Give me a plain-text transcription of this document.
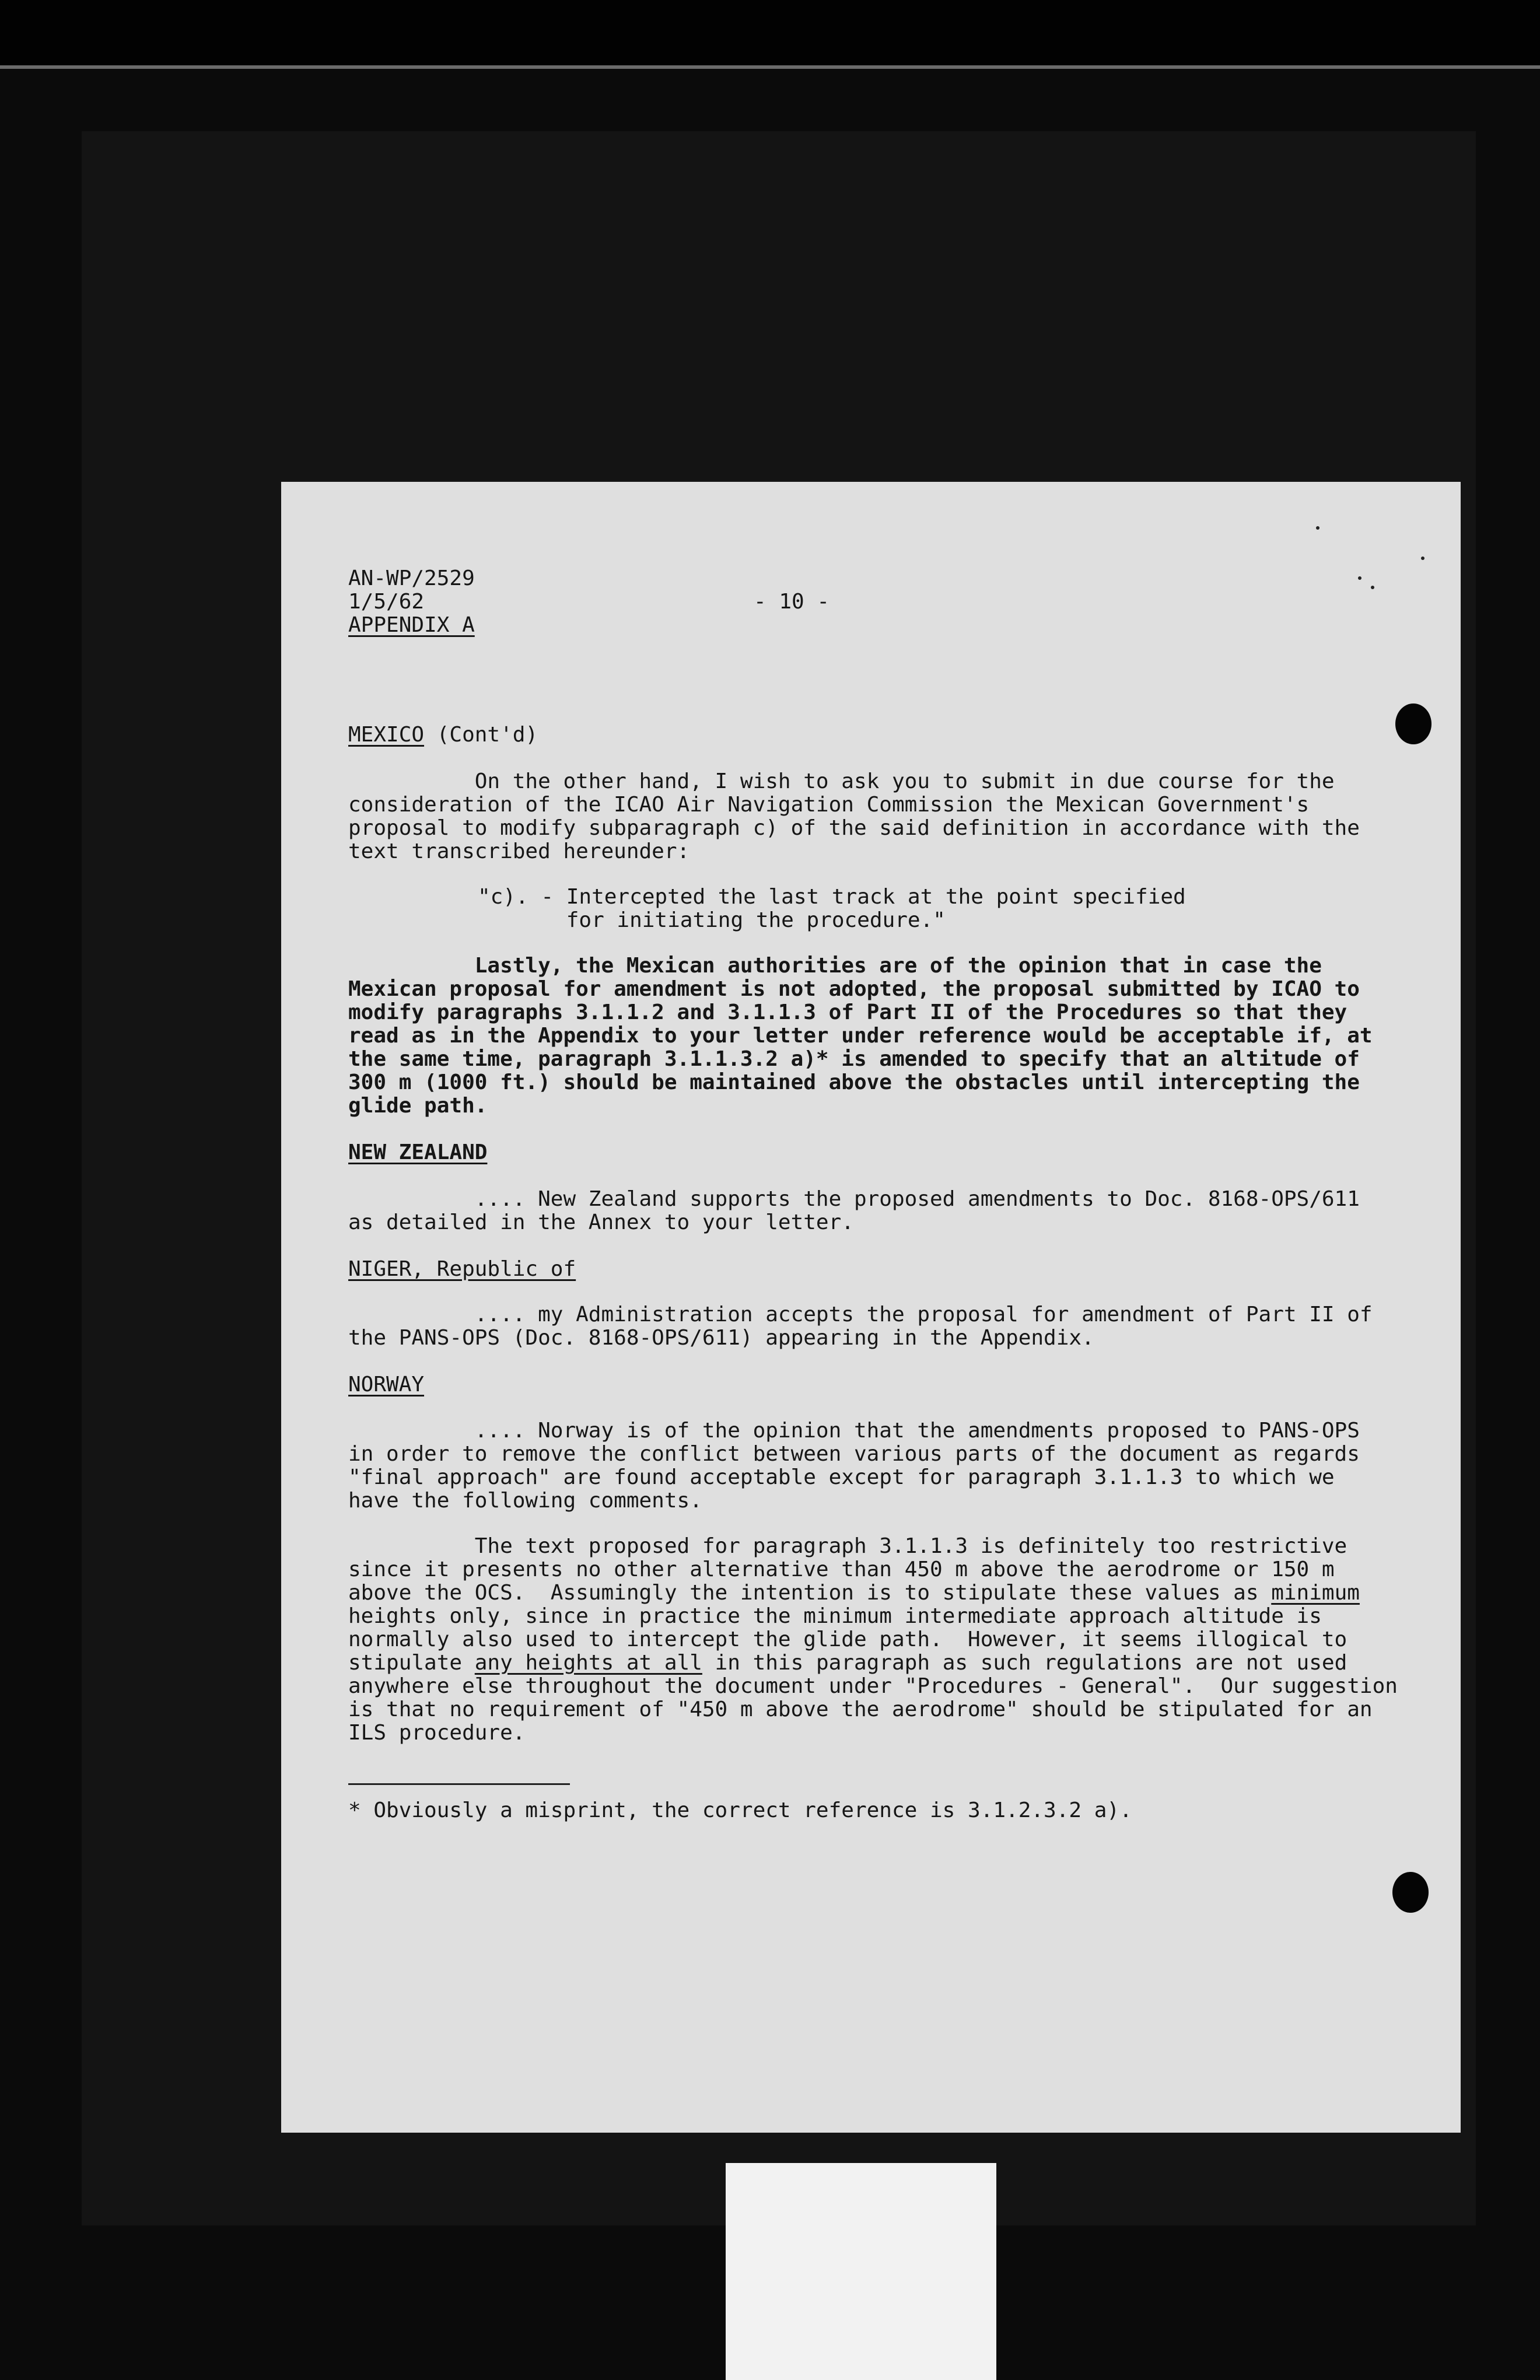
AN-WP/2529
1/5/62
APPENDIX A
- 10 -
MEXICO (Cont'd)
On the other hand, I wish to ask you to submit in due course for the
consideration of the ICAO Air Navigation Commission the Mexican Government's
proposal to modify subparagraph c) of the said definition in accordance with the
text transcribed hereunder:
"c). - Intercepted the last track at the point specified
for initiating the procedure."
Lastly, the Mexican authorities are of the opinion that in case the
Mexican proposal for amendment is not adopted, the proposal submitted by ICAO to
modify paragraphs 3.1.1.2 and 3.1.1.3 of Part II of the Procedures so that they
read as in the Appendix to your letter under reference would be acceptable if, at
the same time, paragraph 3.1.1.3.2 a)* is amended to specify that an altitude of
300 m (1000 ft.) should be maintained above the obstacles until intercepting the
glide path.
NEW ZEALAND
.... New Zealand supports the proposed amendments to Doc. 8168-OPS/611
as detailed in the Annex to your letter.
NIGER, Republic of
.... my Administration accepts the proposal for amendment of Part II of
the PANS-OPS (Doc. 8168-OPS/611) appearing in the Appendix.
NORWAY
.... Norway is of the opinion that the amendments proposed to PANS-OPS
in order to remove the conflict between various parts of the document as regards
"final approach" are found acceptable except for paragraph 3.1.1.3 to which we
have the following comments.
The text proposed for paragraph 3.1.1.3 is definitely too restrictive
since it presents no other alternative than 450 m above the aerodrome or 150 m
above the OCS.  Assumingly the intention is to stipulate these values as minimum
heights only, since in practice the minimum intermediate approach altitude is
normally also used to intercept the glide path.  However, it seems illogical to
stipulate any heights at all in this paragraph as such regulations are not used
anywhere else throughout the document under "Procedures - General".  Our suggestion
is that no requirement of "450 m above the aerodrome" should be stipulated for an
ILS procedure.
* Obviously a misprint, the correct reference is 3.1.2.3.2 a).
